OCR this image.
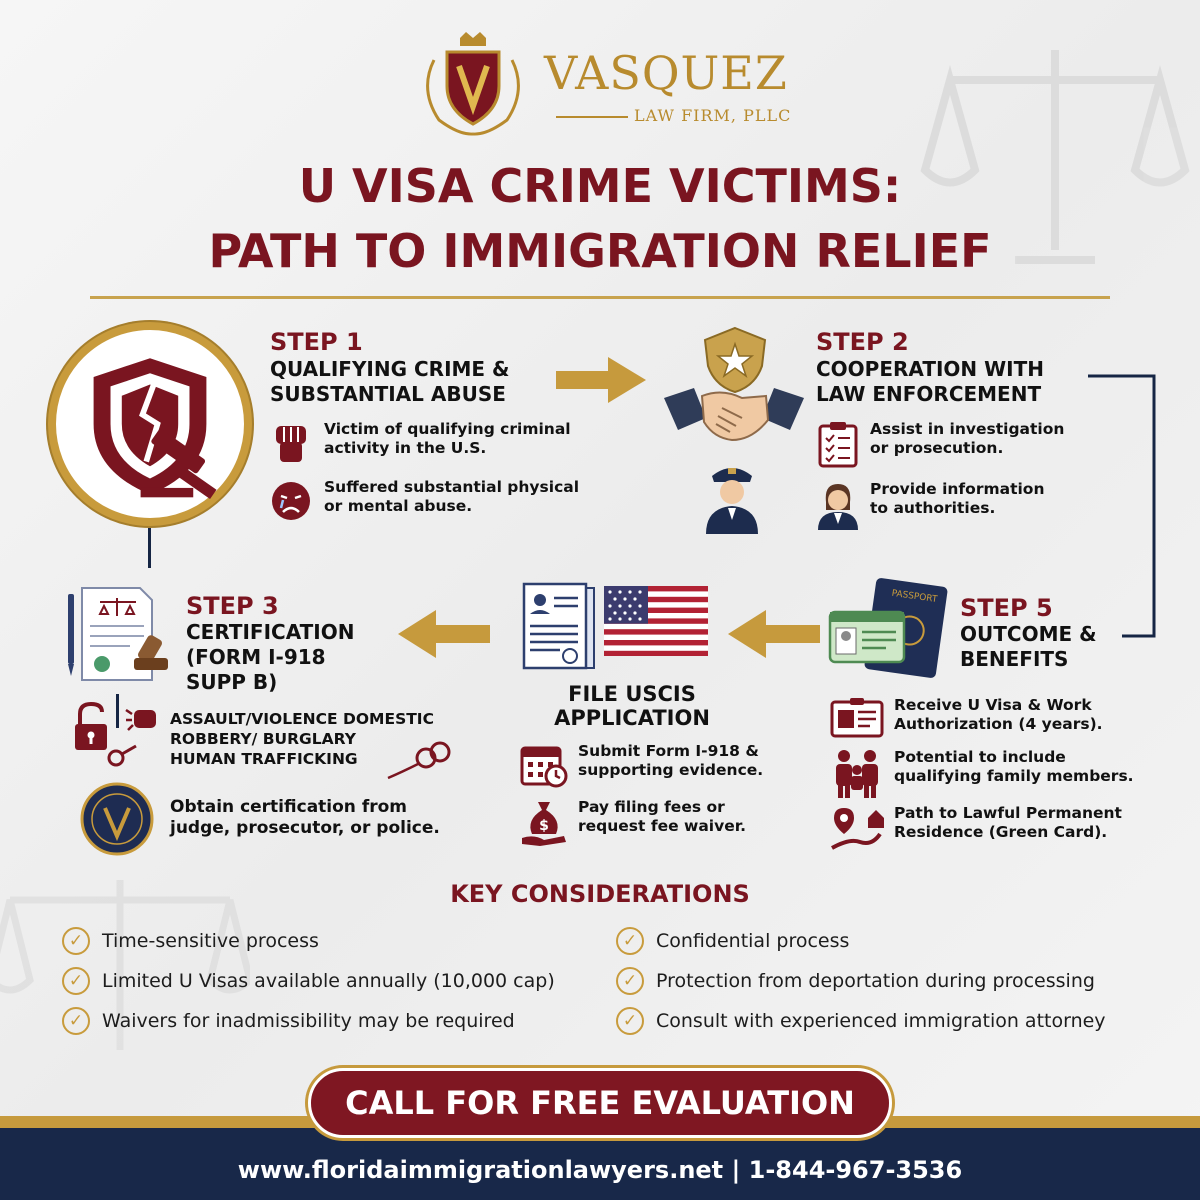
VASQUEZ
LAW FIRM, PLLC
U VISA CRIME VICTIMS:
PATH TO IMMIGRATION RELIEF
STEP 1
QUALIFYING CRIME &
SUBSTANTIAL ABUSE
Victim of qualifying criminal
activity in the U.S.
Suffered substantial physical
or mental abuse.
STEP 2
COOPERATION WITH
LAW ENFORCEMENT
Assist in investigation
or prosecution.
Provide information
to authorities.
STEP 3
CERTIFICATION
(FORM I-918
SUPP B)
ASSAULT/VIOLENCE DOMESTIC
ROBBERY/ BURGLARY
HUMAN TRAFFICKING
Obtain certification from
judge, prosecutor, or police.
FILE USCIS
APPLICATION
Submit Form I-918 &
supporting evidence.
$
Pay filing fees or
request fee waiver.
PASSPORT STEP 5
OUTCOME &
BENEFITS
Receive U Visa & Work
Authorization (4 years).
Potential to include
qualifying family members.
Path to Lawful Permanent
Residence (Green Card).
KEY CONSIDERATIONS
✓ Time-sensitive process
✓ Limited U Visas available annually (10,000 cap)
✓ Waivers for inadmissibility may be required
✓ Confidential process
✓ Protection from deportation during processing
✓ Consult with experienced immigration attorney
CALL FOR FREE EVALUATION
www.floridaimmigrationlawyers.net | 1-844-967-3536
